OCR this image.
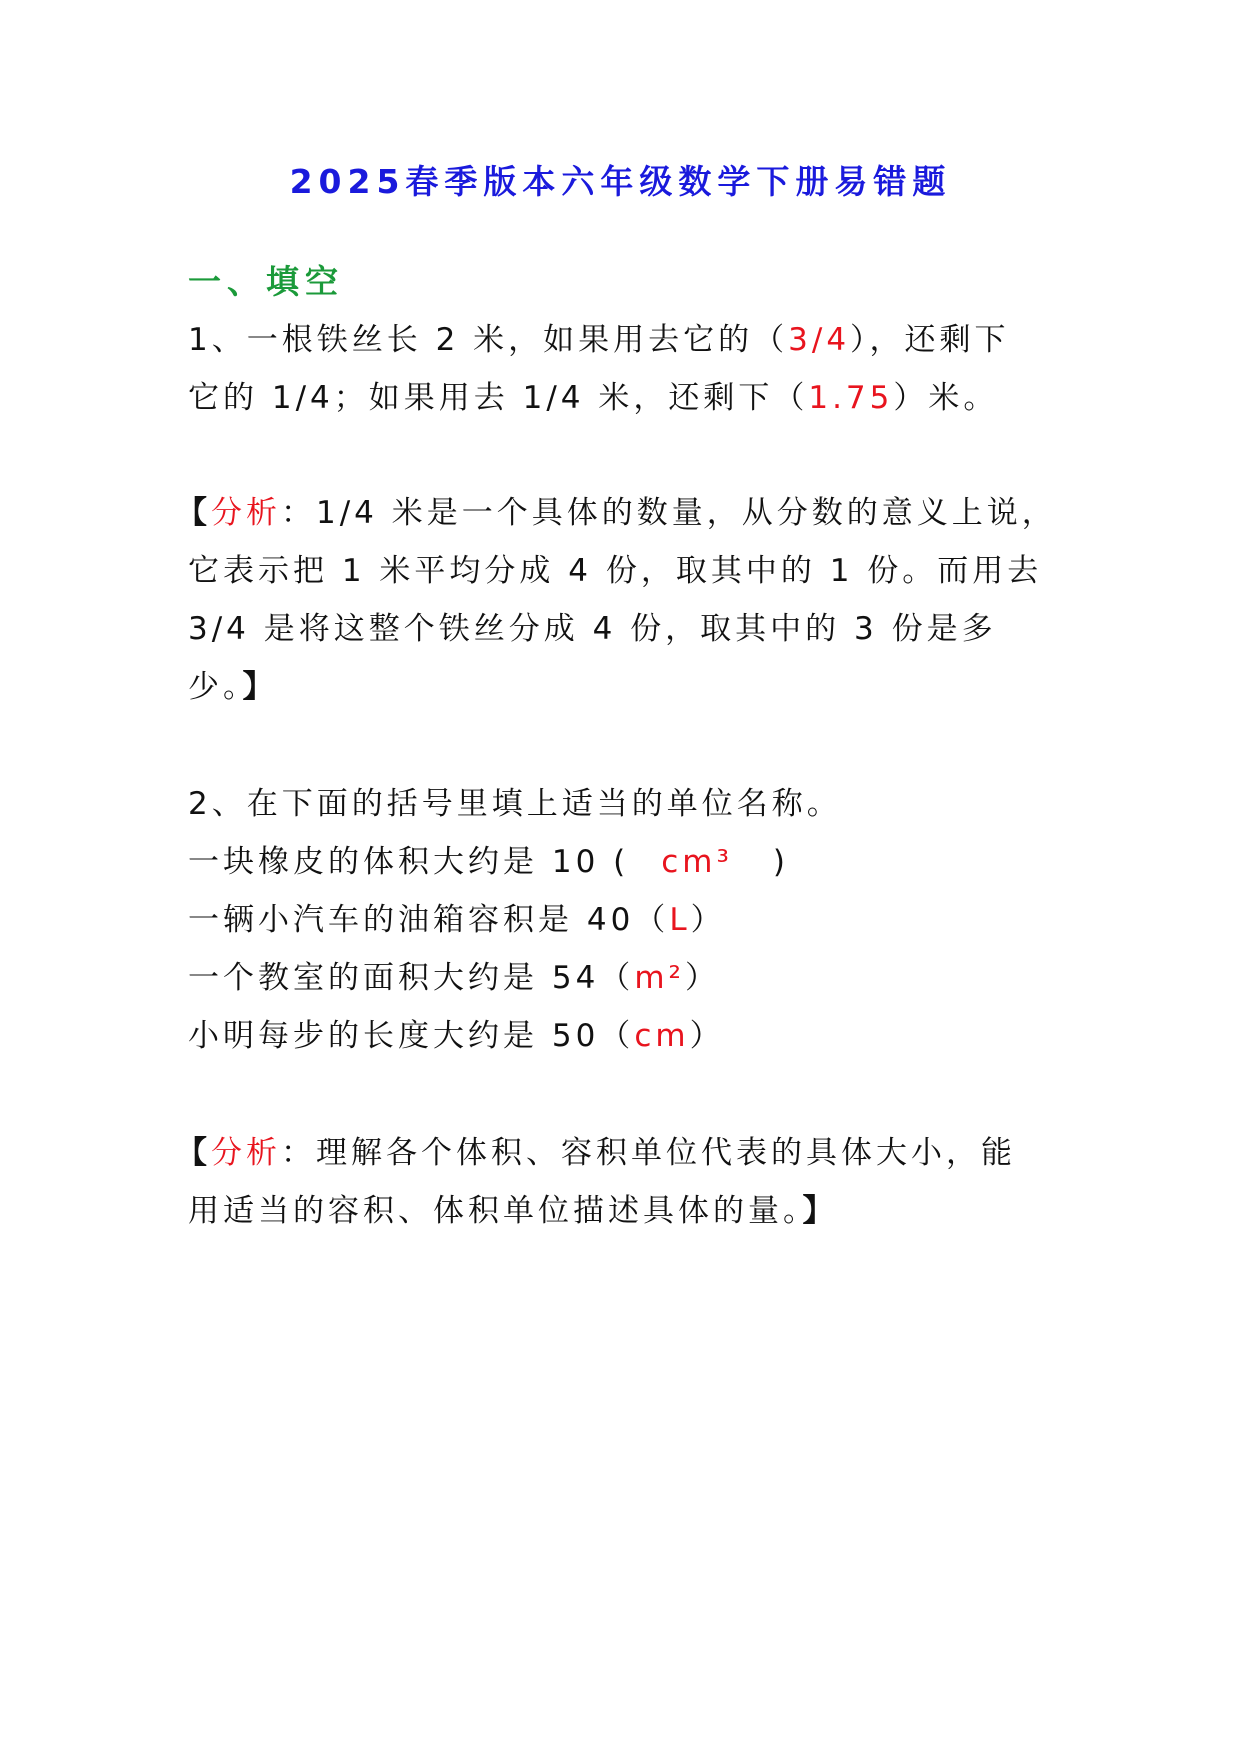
2025春季版本六年级数学下册易错题
一、填空
1、一根铁丝长 2 米，如果用去它的（3/4），还剩下
它的 1/4；如果用去 1/4 米，还剩下（1.75）米。
【分析：1/4 米是一个具体的数量，从分数的意义上说，
它表示把 1 米平均分成 4 份，取其中的 1 份。而用去
3/4 是将这整个铁丝分成 4 份，取其中的 3 份是多
少。】
2、在下面的括号里填上适当的单位名称。
一块橡皮的体积大约是 10 ( cm³ )
一辆小汽车的油箱容积是 40（L）
一个教室的面积大约是 54（m²）
小明每步的长度大约是 50（cm）
【分析：理解各个体积、容积单位代表的具体大小，能
用适当的容积、体积单位描述具体的量。】
